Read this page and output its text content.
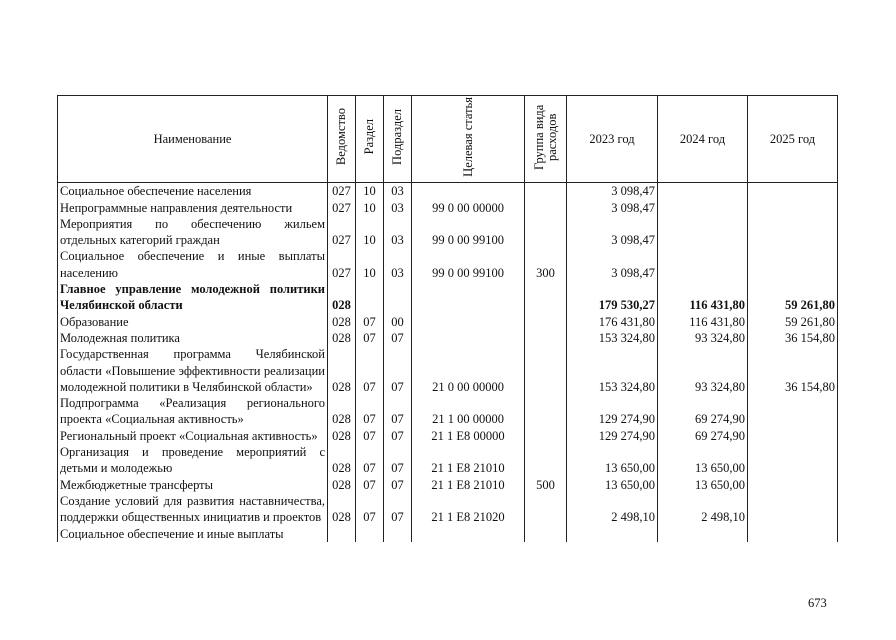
Наименование	Ведомство	Раздел	Подраздел	Целевая статья	Группа вида расходов	2023 год	2024 год	2025 год
Социальное обеспечение населения	027	10	03			3 098,47		
Непрограммные направления деятельности	027	10	03	99 0 00 00000		3 098,47		
Мероприятия по обеспечению жильем отдельных категорий граждан	027	10	03	99 0 00 99100		3 098,47		
Социальное обеспечение и иные выплаты населению	027	10	03	99 0 00 99100	300	3 098,47		
Главное управление молодежной политики Челябинской области	028					179 530,27	116 431,80	59 261,80
Образование	028	07	00			176 431,80	116 431,80	59 261,80
Молодежная политика	028	07	07			153 324,80	93 324,80	36 154,80
Государственная программа Челябинской области «Повышение эффективности реализации молодежной политики в Челябинской области»	028	07	07	21 0 00 00000		153 324,80	93 324,80	36 154,80
Подпрограмма «Реализация регионального проекта «Социальная активность»	028	07	07	21 1 00 00000		129 274,90	69 274,90	
Региональный проект «Социальная активность»	028	07	07	21 1 E8 00000		129 274,90	69 274,90	
Организация и проведение мероприятий с детьми и молодежью	028	07	07	21 1 E8 21010		13 650,00	13 650,00	
Межбюджетные трансферты	028	07	07	21 1 E8 21010	500	13 650,00	13 650,00	
Создание условий для развития наставничества, поддержки общественных инициатив и проектов	028	07	07	21 1 E8 21020		2 498,10	2 498,10	
Социальное обеспечение и иные выплаты								
673
